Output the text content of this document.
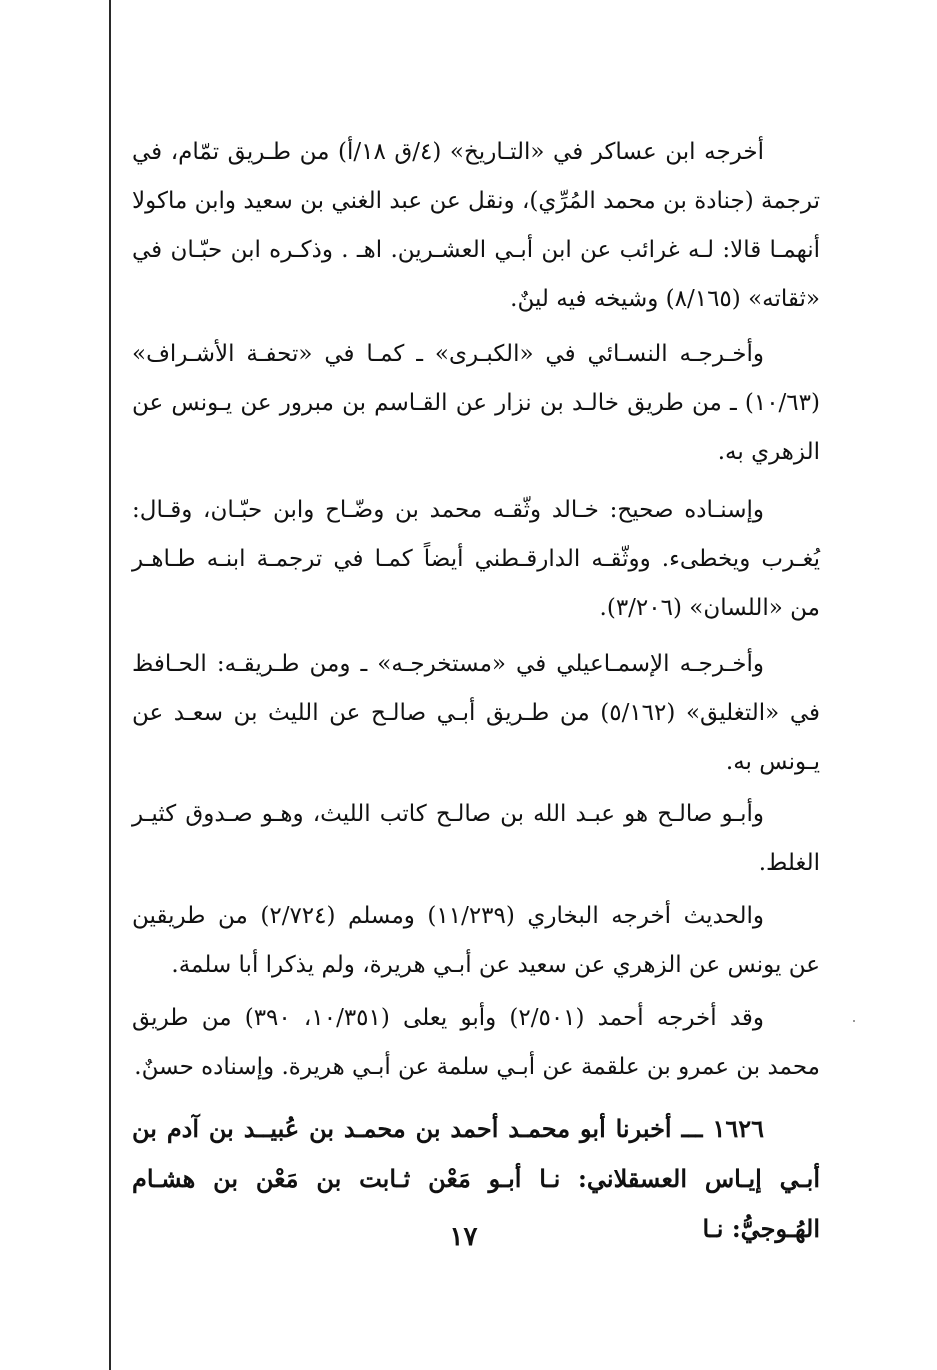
أخرجه ابن عساكر في «التـاريخ» (٤/ق ١٨/أ) من طـريق تمّام، في ترجمة (جنادة بن محمد المُرِّي)، ونقل عن عبد الغني بن سعيد وابن ماكولا أنهمـا قالا: لـه غرائب عن ابن أبـي العشـرين. اهـ . وذكـره ابن حبّـان في «ثقاته» (٨/١٦٥) وشيخه فيه لينٌ.

وأخـرجـه النسـائي في «الكبـرى» ـ كمـا في «تحفـة الأشـراف» (١٠/٦٣) ـ من طريق خالـد بن نزار عن القـاسم بن مبرور عن يـونس عن الزهري به.

وإسنـاده صحيح: خـالد وثّقـه محمد بن وضّـاح وابن حبّـان، وقـال: يُغـرب ويخطىء. ووثّقـه الدارقـطني أيضاً كمـا في ترجمـة ابنـه طـاهـر من «اللسان» (٣/٢٠٦).

وأخـرجـه الإسمـاعيلي في «مستخرجـه» ـ ومن طـريقـه: الحـافظ في «التغليق» (٥/١٦٢) من طـريق أبـي صالـح عن الليث بن سعـد عن يـونس به.

وأبـو صالـح هو عبـد الله بن صالـح كاتب الليث، وهـو صـدوق كثيـر الغلط.

والحديث أخرجه البخاري (١١/٢٣٩) ومسلم (٢/٧٢٤) من طريقين عن يونس عن الزهري عن سعيد عن أبـي هريرة، ولم يذكرا أبا سلمة.

وقد أخرجه أحمد (٢/٥٠١) وأبو يعلى (١٠/٣٥١، ٣٩٠) من طريق محمد بن عمرو بن علقمة عن أبـي سلمة عن أبـي هريرة. وإسناده حسنٌ.

١٦٢٦ ـــ أخبرنا أبو محمـد أحمد بن محمـد بن عُبيــد بن آدم بن أبـي إيـاس العسقلاني: نـا أبـو مَعْن ثـابت بن مَعْن بن هشـام الهُـوجيُّ: نـا

١٧
